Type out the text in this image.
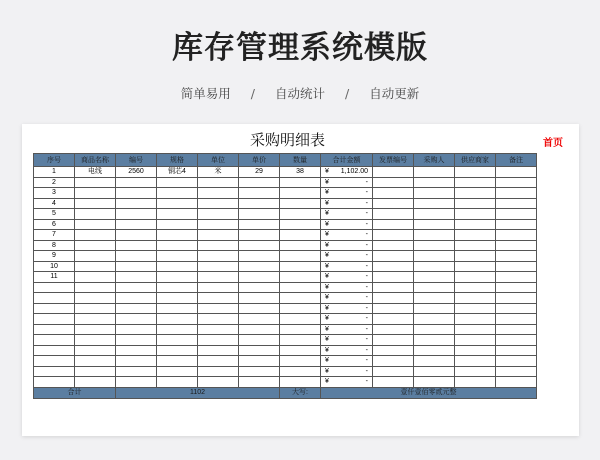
库存管理系统模版
简单易用 / 自动统计 / 自动更新
采购明细表	首页
序号	商品名称	编号	规格	单位	单价	数量	合计金额	发票编号	采购人	供应商家	备注
1	电线	2560	铜芯4	米	29	38	¥ 1,102.00				

2							¥ -				

3							¥ -				

4							¥ -				

5							¥ -				

6							¥ -				

7							¥ -				

8							¥ -				

9							¥ -				

10							¥ -				

11							¥ -				

							¥ -				

							¥ -				

							¥ -				

							¥ -				

							¥ -				

							¥ -				

							¥ -				

							¥ -				

							¥ -				

							¥ -				

合计		1102				大写:	壹仟壹佰零贰元整				
